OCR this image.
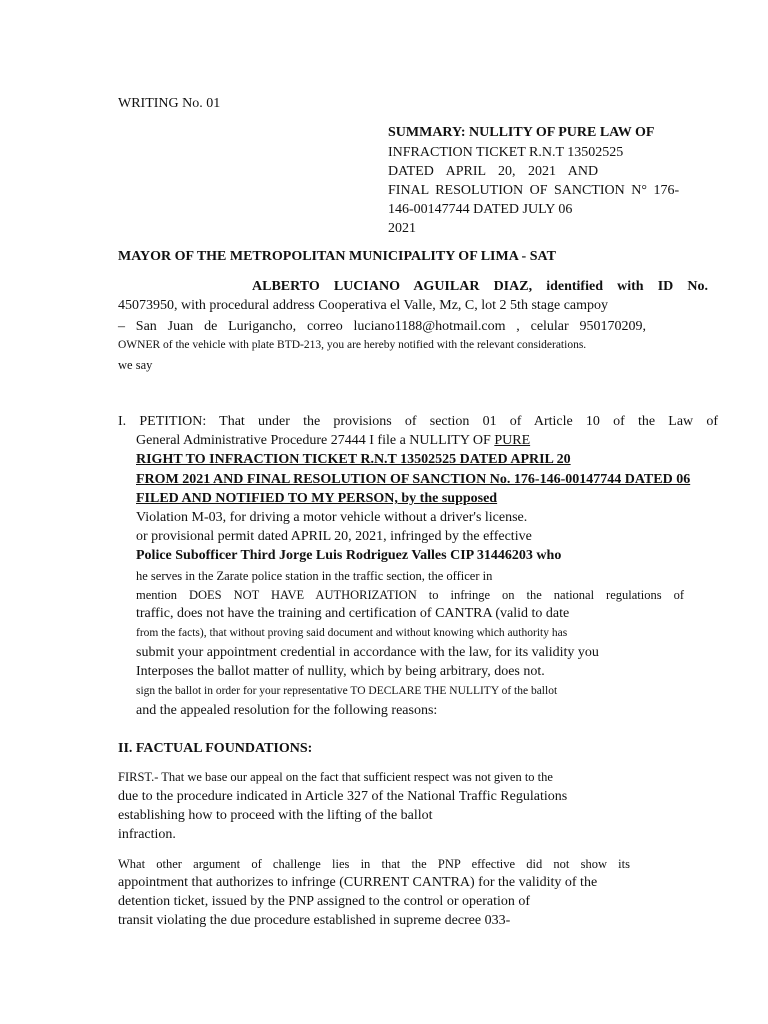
WRITING No. 01
SUMMARY: NULLITY OF PURE LAW OF
INFRACTION TICKET R.N.T 13502525
DATED APRIL 20, 2021 AND
FINAL RESOLUTION OF SANCTION N° 176-
146-00147744 DATED JULY 06
2021
MAYOR OF THE METROPOLITAN MUNICIPALITY OF LIMA - SAT
ALBERTO LUCIANO AGUILAR DIAZ, identified with ID No.
45073950, with procedural address Cooperativa el Valle, Mz, C, lot 2 5th stage campoy
– San Juan de Lurigancho, correo luciano1188@hotmail.com , celular 950170209,
OWNER of the vehicle with plate BTD-213, you are hereby notified with the relevant considerations.
we say
I. PETITION: That under the provisions of section 01 of Article 10 of the Law of
General Administrative Procedure 27444 I file a NULLITY OF PURE
RIGHT TO INFRACTION TICKET R.N.T 13502525 DATED APRIL 20
FROM 2021 AND FINAL RESOLUTION OF SANCTION No. 176-146-00147744 DATED 06
FILED AND NOTIFIED TO MY PERSON, by the supposed
Violation M-03, for driving a motor vehicle without a driver's license.
or provisional permit dated APRIL 20, 2021, infringed by the effective
Police Subofficer Third Jorge Luis Rodriguez Valles CIP 31446203 who
he serves in the Zarate police station in the traffic section, the officer in
mention DOES NOT HAVE AUTHORIZATION to infringe on the national regulations of
traffic, does not have the training and certification of CANTRA (valid to date
from the facts), that without proving said document and without knowing which authority has
submit your appointment credential in accordance with the law, for its validity you
Interposes the ballot matter of nullity, which by being arbitrary, does not.
sign the ballot in order for your representative TO DECLARE THE NULLITY of the ballot
and the appealed resolution for the following reasons:
II. FACTUAL FOUNDATIONS:
FIRST.- That we base our appeal on the fact that sufficient respect was not given to the
due to the procedure indicated in Article 327 of the National Traffic Regulations
establishing how to proceed with the lifting of the ballot
infraction.
What other argument of challenge lies in that the PNP effective did not show its
appointment that authorizes to infringe (CURRENT CANTRA) for the validity of the
detention ticket, issued by the PNP assigned to the control or operation of
transit violating the due procedure established in supreme decree 033-
